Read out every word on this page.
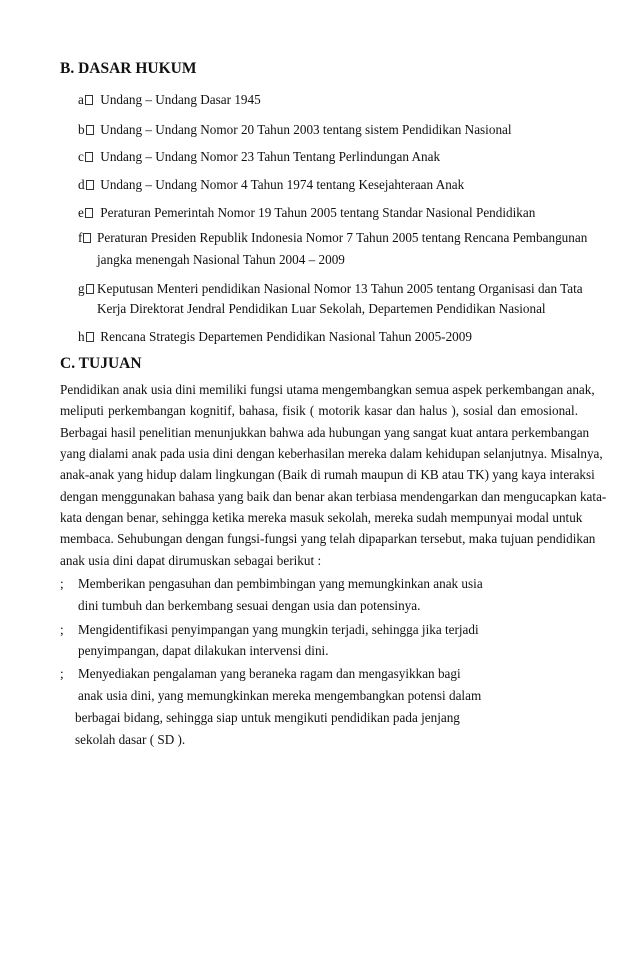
B. DASAR HUKUM
a Undang – Undang Dasar 1945
b Undang – Undang Nomor 20 Tahun 2003 tentang sistem Pendidikan Nasional
c Undang – Undang Nomor 23 Tahun Tentang Perlindungan Anak
d Undang – Undang Nomor 4 Tahun 1974 tentang Kesejahteraan Anak
e Peraturan Pemerintah Nomor 19 Tahun 2005 tentang Standar Nasional Pendidikan
f	Peraturan Presiden Republik Indonesia Nomor 7 Tahun 2005 tentang Rencana Pembangunan
jangka menengah Nasional Tahun 2004 – 2009
g Keputusan Menteri pendidikan Nasional Nomor 13 Tahun 2005 tentang Organisasi dan Tata
Kerja Direktorat Jendral Pendidikan Luar Sekolah, Departemen Pendidikan Nasional
h Rencana Strategis Departemen Pendidikan Nasional Tahun 2005-2009
C. TUJUAN
Pendidikan anak usia dini memiliki fungsi utama mengembangkan semua aspek perkembangan anak,
meliputi perkembangan kognitif, bahasa, fisik ( motorik kasar dan halus ), sosial dan emosional.
Berbagai hasil penelitian menunjukkan bahwa ada hubungan yang sangat kuat antara perkembangan
yang dialami anak pada usia dini dengan keberhasilan mereka dalam kehidupan selanjutnya. Misalnya,
anak-anak yang hidup dalam lingkungan (Baik di rumah maupun di KB atau TK) yang kaya interaksi
dengan menggunakan bahasa yang baik dan benar akan terbiasa mendengarkan dan mengucapkan kata-
kata dengan benar, sehingga ketika mereka masuk sekolah, mereka sudah mempunyai modal untuk
membaca. Sehubungan dengan fungsi-fungsi yang telah dipaparkan tersebut, maka tujuan pendidikan
anak usia dini dapat dirumuskan sebagai berikut :
; Memberikan pengasuhan dan pembimbingan yang memungkinkan anak usia
dini tumbuh dan berkembang sesuai dengan usia dan potensinya.
; Mengidentifikasi penyimpangan yang mungkin terjadi, sehingga jika terjadi
penyimpangan, dapat dilakukan intervensi dini.
; Menyediakan pengalaman yang beraneka ragam dan mengasyikkan bagi
anak usia dini, yang memungkinkan mereka mengembangkan potensi dalam
berbagai bidang, sehingga siap untuk mengikuti pendidikan pada jenjang
sekolah dasar ( SD ).
